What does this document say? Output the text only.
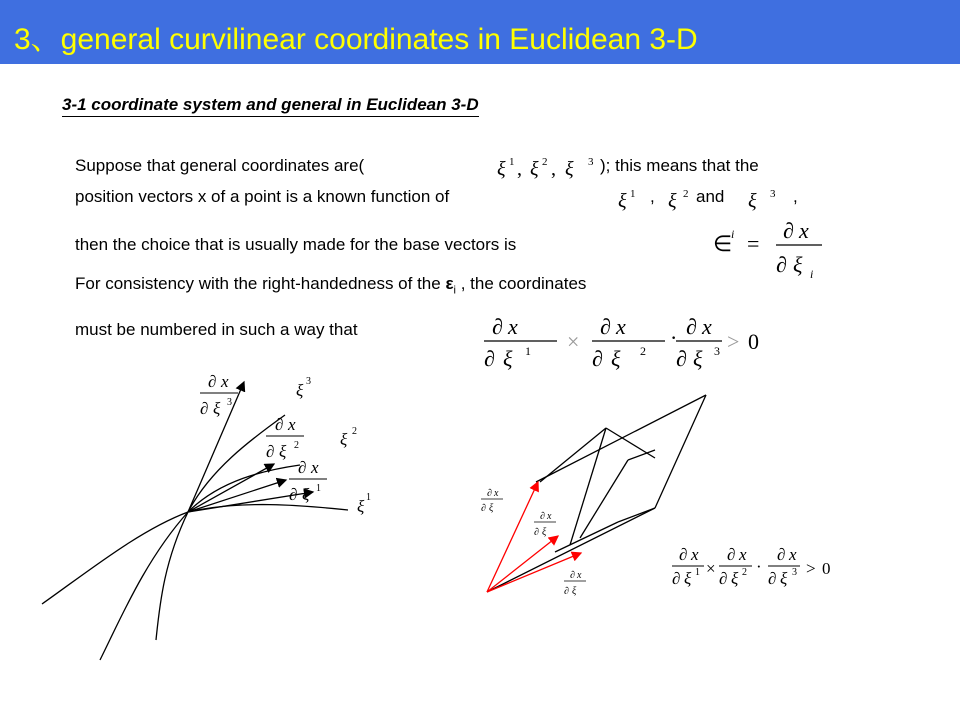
3、general curvilinear coordinates in Euclidean 3-D
3-1 coordinate system and general in Euclidean 3-D
Suppose that general coordinates are(	); this means that the
position vectors x of a point is a known function of	, and	,
then the choice that is usually made for the base vectors is
For consistency with the right-handedness of the $\varepsilon_i$ , the coordinates
must be numbered in such a way that
ξ 1 , ξ 2 , ξ 3
ξ 1 ξ 2	ξ 3
∈
i =
∂ x
∂ ξ i
∂ x
∂ ξ 1 ×
∂ x
∂ ξ 2
· ∂ x
∂ ξ 3 > 0
∂ x
∂ ξ 3
ξ 3
∂ x
∂ ξ 2 ξ 2
∂ x
∂ ξ 1
ξ 1	∂ x
∂ ξ
∂ x
∂ ξ
∂ x
∂ ξ
∂ x
∂ ξ 1 ×
∂ x
∂ ξ 2 ·
∂ x
∂ ξ 3 > 0
